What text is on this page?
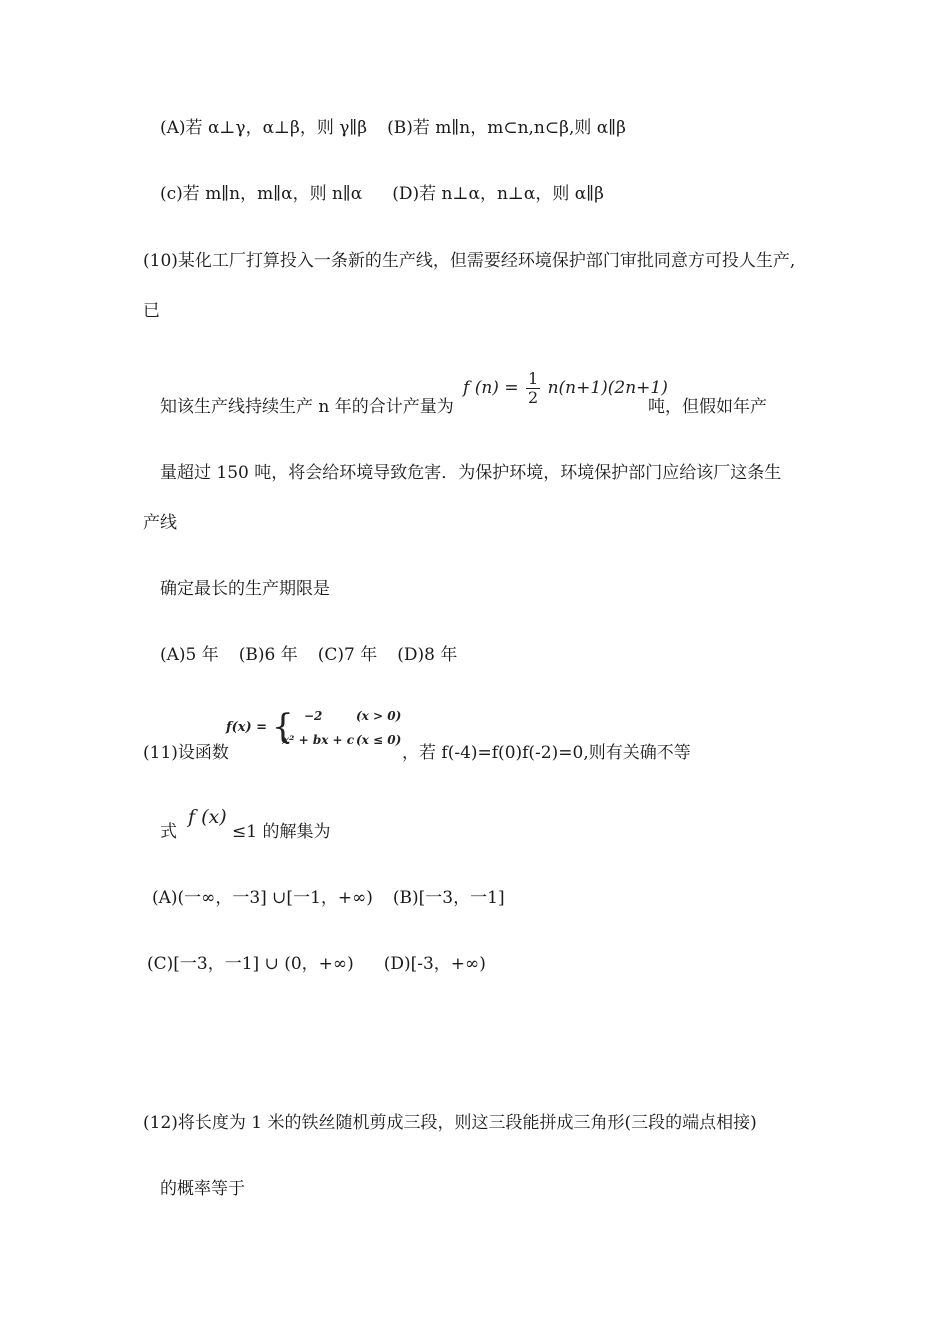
(A)若 α⊥γ，α⊥β，则 γ∥β (B)若 m∥n，m⊂n,n⊂β,则 α∥β
(c)若 m∥n，m∥α，则 n∥α (D)若 n⊥α，n⊥α，则 α∥β
(10)某化工厂打算投入一条新的生产线，但需要经环境保护部门审批同意方可投人生产,
已
知该生产线持续生产 n 年的合计产量为
f $(n) = \frac{1}{2} n(n+1)(2n+1)$
吨，但假如年产
量超过 150 吨，将会给环境导致危害．为保护环境，环境保护部门应给该厂这条生
产线
确定最长的生产期限是
(A)5 年 (B)6 年 (C)7 年 (D)8 年
(11)设函数
f(x) = { −2	(x > 0)
x² + bx + c (x ≤ 0)
，若 f(-4)=f(0)f(-2)=0,则有关确不等
式
f (x)
≤1 的解集为
(A)(一∞，一3] ∪[一1，+∞) (B)[一3，一1]
(C)[一3，一1] ∪ (0，+∞) (D)[-3，+∞)
(12)将长度为 1 米的铁丝随机剪成三段，则这三段能拼成三角形(三段的端点相接)
的概率等于
